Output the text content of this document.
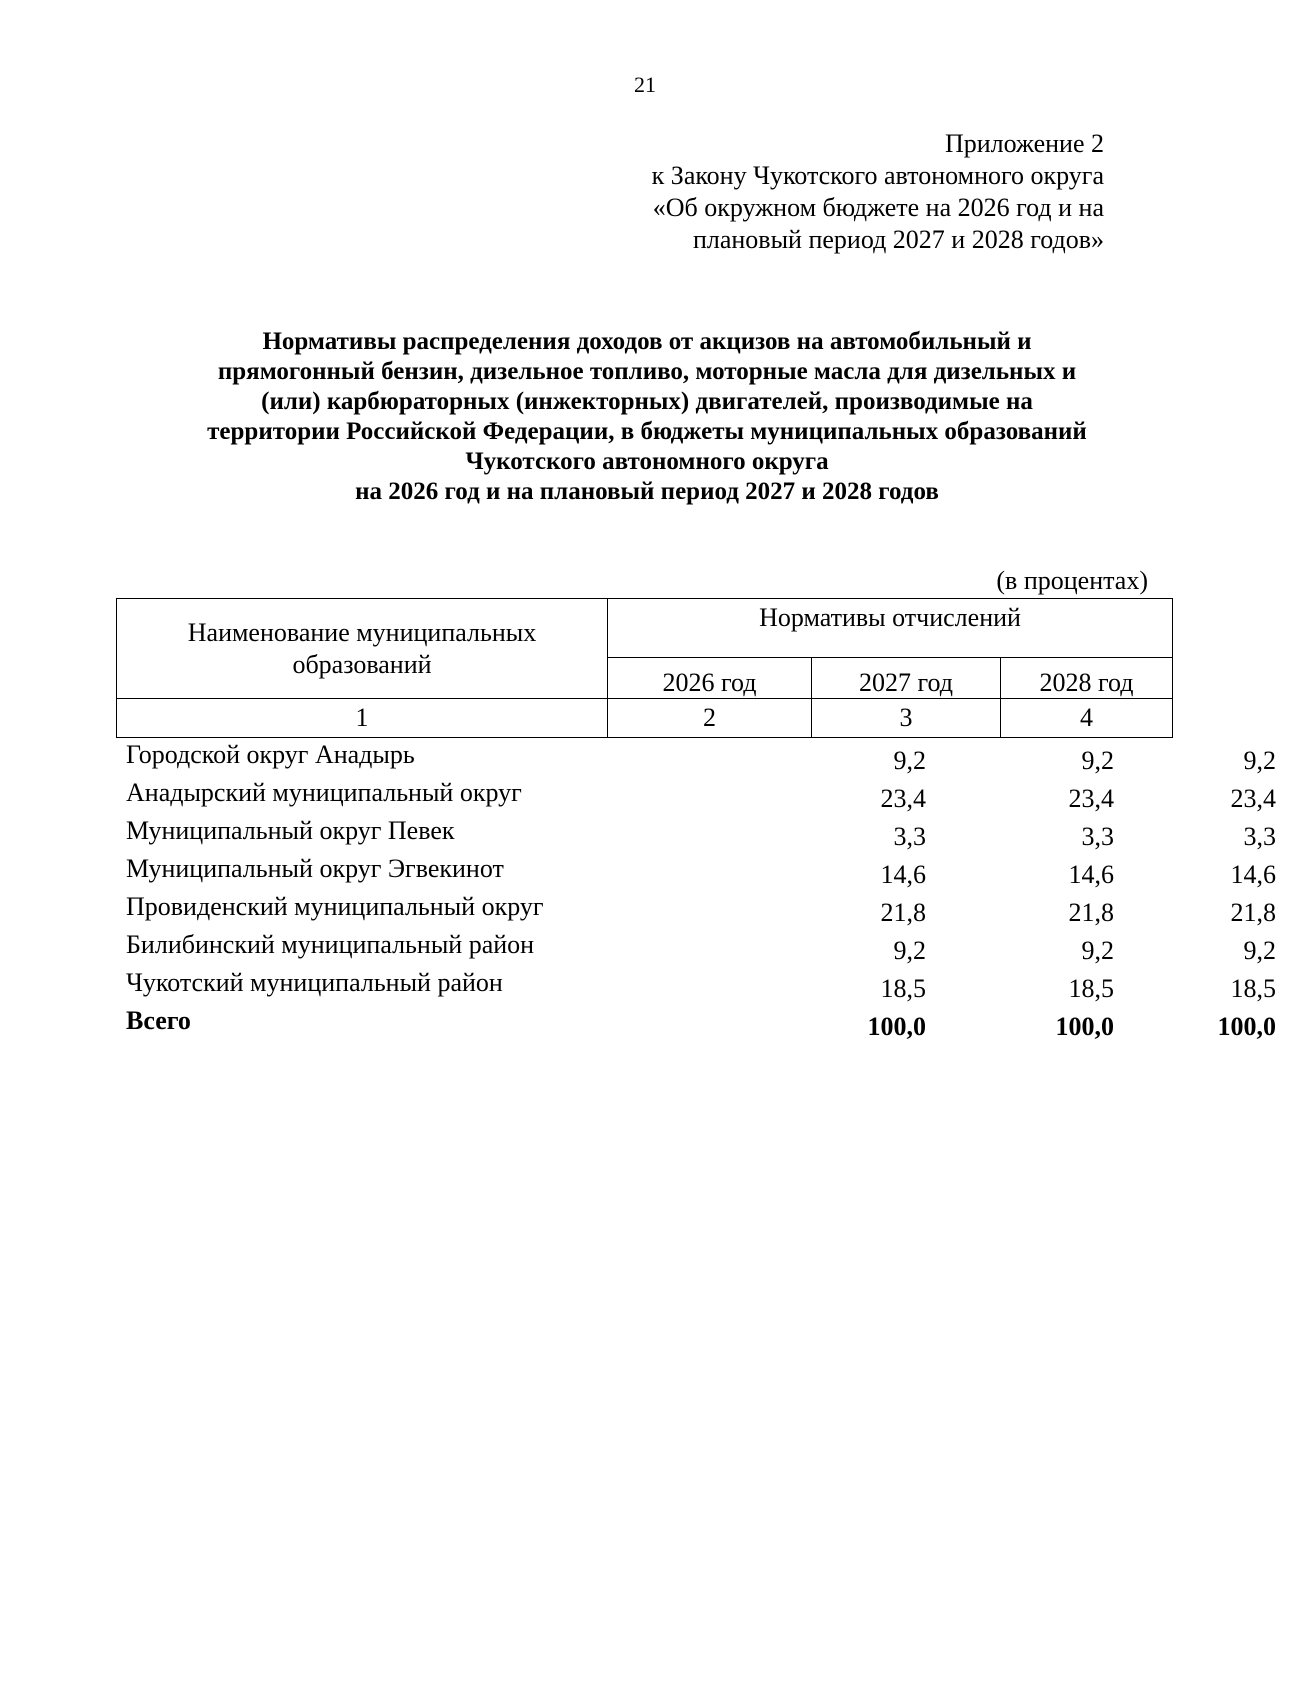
21
Приложение 2
к Закону Чукотского автономного округа
«Об окружном бюджете на 2026 год и на
плановый период 2027 и 2028 годов»
Нормативы распределения доходов от акцизов на автомобильный и
прямогонный бензин, дизельное топливо, моторные масла для дизельных и
(или) карбюраторных (инжекторных) двигателей, производимые на
территории Российской Федерации, в бюджеты муниципальных образований
Чукотского автономного округа
на 2026 год и на плановый период 2027 и 2028 годов
(в процентах)
Наименование муниципальных
образований	Нормативы отчислений		
	2026 год	2027 год	2028 год
1	2	3	4
Городской округ Анадырь	9,2	9,2	9,2
Анадырский муниципальный округ	23,4	23,4	23,4
Муниципальный округ Певек	3,3	3,3	3,3
Муниципальный округ Эгвекинот	14,6	14,6	14,6
Провиденский муниципальный округ	21,8	21,8	21,8
Билибинский муниципальный район	9,2	9,2	9,2
Чукотский муниципальный район	18,5	18,5	18,5
Всего	100,0	100,0	100,0
